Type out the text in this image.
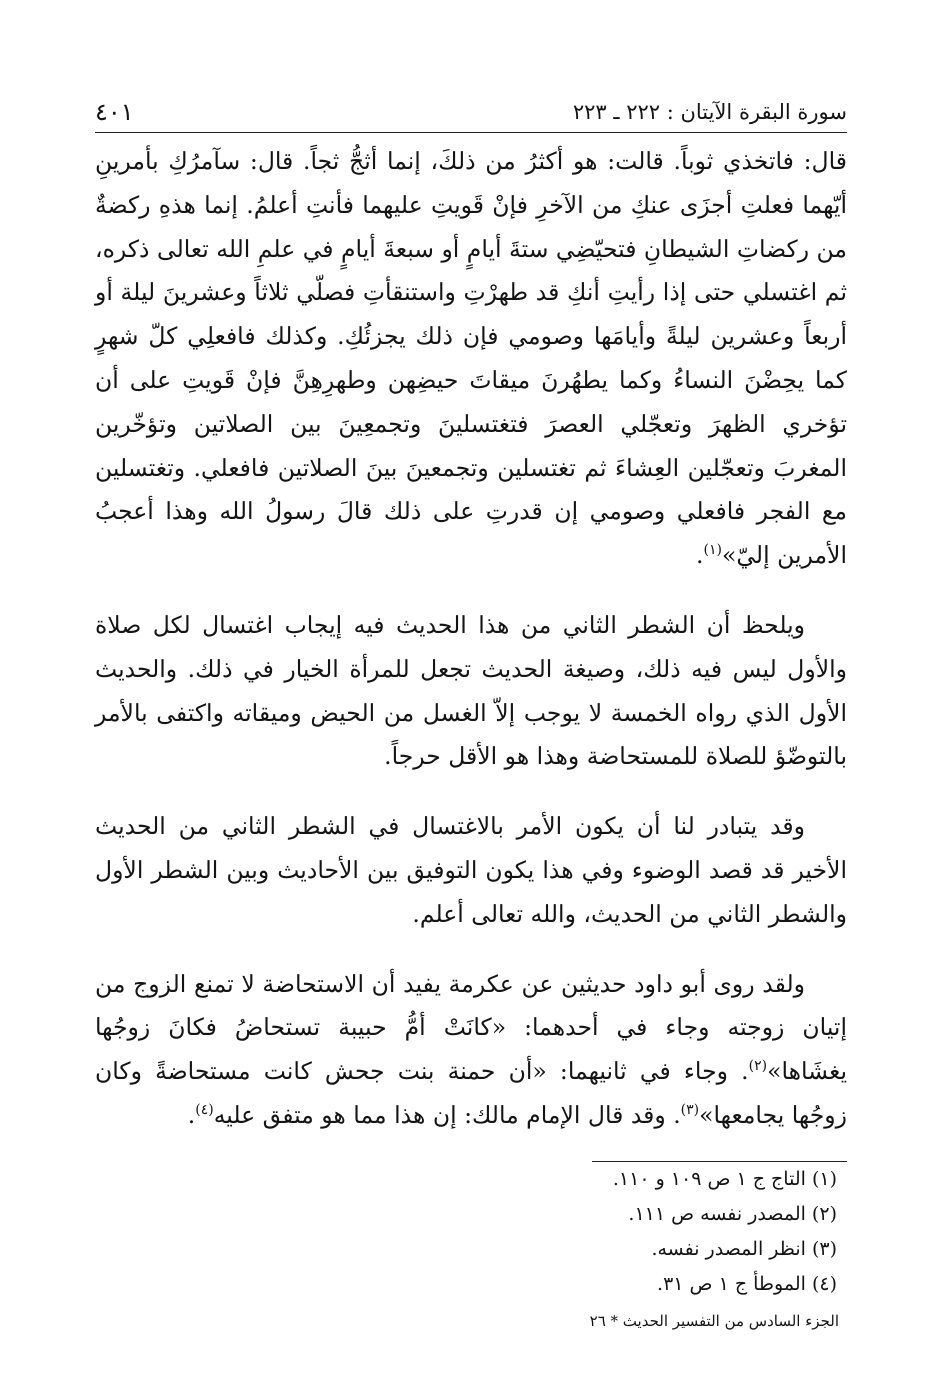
سورة البقرة الآيتان : ٢٢٢ ـ ٢٢٣
٤٠١

قال: فاتخذي ثوباً. قالت: هو أكثرُ من ذلكَ، إنما أثجُّ ثجاً. قال: سآمرُكِ بأمرينِ أيّهما فعلتِ أجزَى عنكِ من الآخرِ فإنْ قَويتِ عليهما فأنتِ أعلمُ. إنما هذهِ ركضةٌ من ركضاتِ الشيطانِ فتحيّضِي ستةَ أيامٍ أو سبعةَ أيامٍ في علمِ الله تعالى ذكره، ثم اغتسلي حتى إذا رأيتِ أنكِ قد طهرْتِ واستنقأتِ فصلّي ثلاثاً وعشرينَ ليلة أو أربعاً وعشرين ليلةً وأيامَها وصومي فإن ذلك يجزئُكِ. وكذلك فافعلِي كلّ شهرٍ كما يحِضْنَ النساءُ وكما يطهُرنَ ميقاتَ حيضِهن وطهرِهِنَّ فإنْ قَويتِ على أن تؤخري الظهرَ وتعجّلي العصرَ فتغتسلينَ وتجمعِينَ بين الصلاتين وتؤخّرين المغربَ وتعجّلين العِشاءَ ثم تغتسلين وتجمعينَ بينَ الصلاتين فافعلي. وتغتسلين مع الفجر فافعلي وصومي إن قدرتِ على ذلك قالَ رسولُ الله وهذا أعجبُ الأمرين إليّ»$^{(١)}$.

ويلحظ أن الشطر الثاني من هذا الحديث فيه إيجاب اغتسال لكل صلاة والأول ليس فيه ذلك، وصيغة الحديث تجعل للمرأة الخيار في ذلك. والحديث الأول الذي رواه الخمسة لا يوجب إلاّ الغسل من الحيض وميقاته واكتفى بالأمر بالتوضّؤ للصلاة للمستحاضة وهذا هو الأقل حرجاً.

وقد يتبادر لنا أن يكون الأمر بالاغتسال في الشطر الثاني من الحديث الأخير قد قصد الوضوء وفي هذا يكون التوفيق بين الأحاديث وبين الشطر الأول والشطر الثاني من الحديث، والله تعالى أعلم.

ولقد روى أبو داود حديثين عن عكرمة يفيد أن الاستحاضة لا تمنع الزوج من إتيان زوجته وجاء في أحدهما: «كانَتْ أمُّ حبيبة تستحاضُ فكانَ زوجُها يغشَاها»$^{(٢)}$. وجاء في ثانيهما: «أن حمنة بنت جحش كانت مستحاضةً وكان زوجُها يجامعها»$^{(٣)}$. وقد قال الإمام مالك: إن هذا مما هو متفق عليه$^{(٤)}$.

(١) التاج ج ١ ص ١٠٩ و ١١٠.
(٢) المصدر نفسه ص ١١١.
(٣) انظر المصدر نفسه.
(٤) الموطأ ج ١ ص ٣١.
الجزء السادس من التفسير الحديث * ٢٦
